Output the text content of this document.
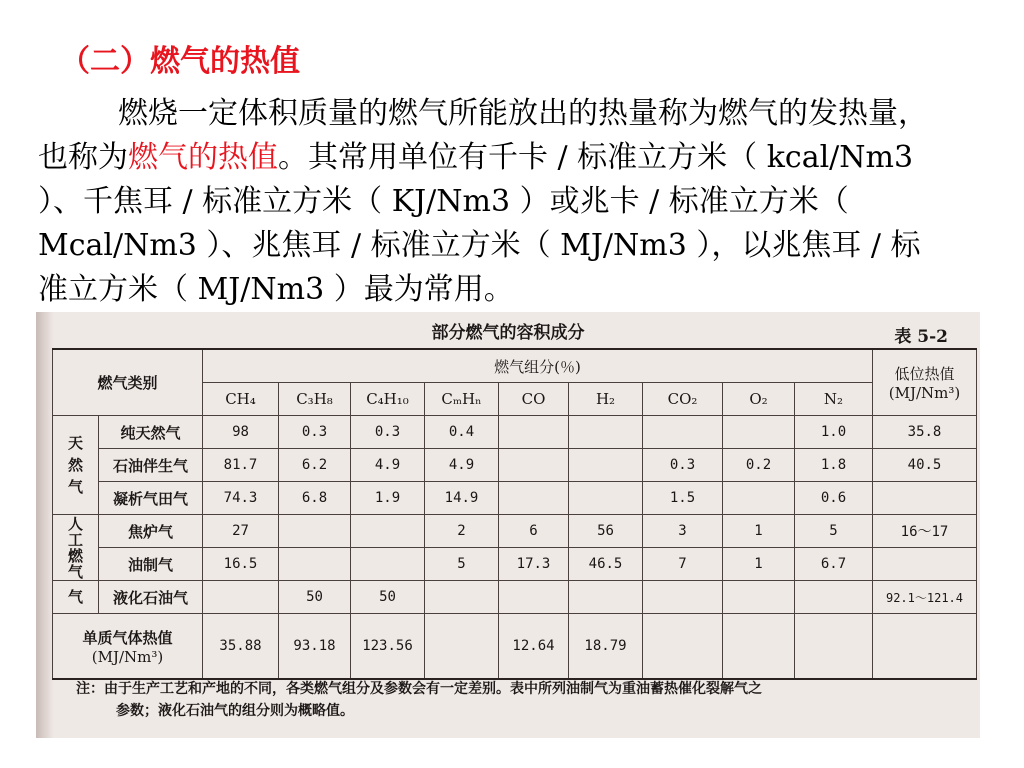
（二）燃气的热值
燃烧一定体积质量的燃气所能放出的热量称为燃气的发热量，也称为燃气的热值。其常用单位有千卡 / 标准立方米（ kcal/Nm3 ）、千焦耳 / 标准立方米（ KJ/Nm3 ）或兆卡 / 标准立方米（ Mcal/Nm3 ）、兆焦耳 / 标准立方米（ MJ/Nm3 ），以兆焦耳 / 标准立方米（ MJ/Nm3 ）最为常用。
部分燃气的容积成分	表 5-2
燃气类别		燃气组分(％)									低位热值
(MJ/Nm³)

		CH₄	C₃H₈	C₄H₁₀	CₘHₙ	CO	H₂	CO₂	O₂	N₂	

天然气	纯天然气	98	0.3	0.3	0.4					1.0	35.8
	石油伴生气	81.7	6.2	4.9	4.9			0.3	0.2	1.8	40.5
	凝析气田气	74.3	6.8	1.9	14.9			1.5		0.6	

人工燃气	焦炉气	27			2	6	56	3	1	5	16～17
	油制气	16.5			5	17.3	46.5	7	1	6.7	
气	液化石油气		50	50							92.1～121.4

单质气体热值
(MJ/Nm³)		35.88	93.18	123.56		12.64	18.79				
注：由于生产工艺和产地的不同，各类燃气组分及参数会有一定差别。表中所列油制气为重油蓄热催化裂解气之
参数；液化石油气的组分则为概略值。
